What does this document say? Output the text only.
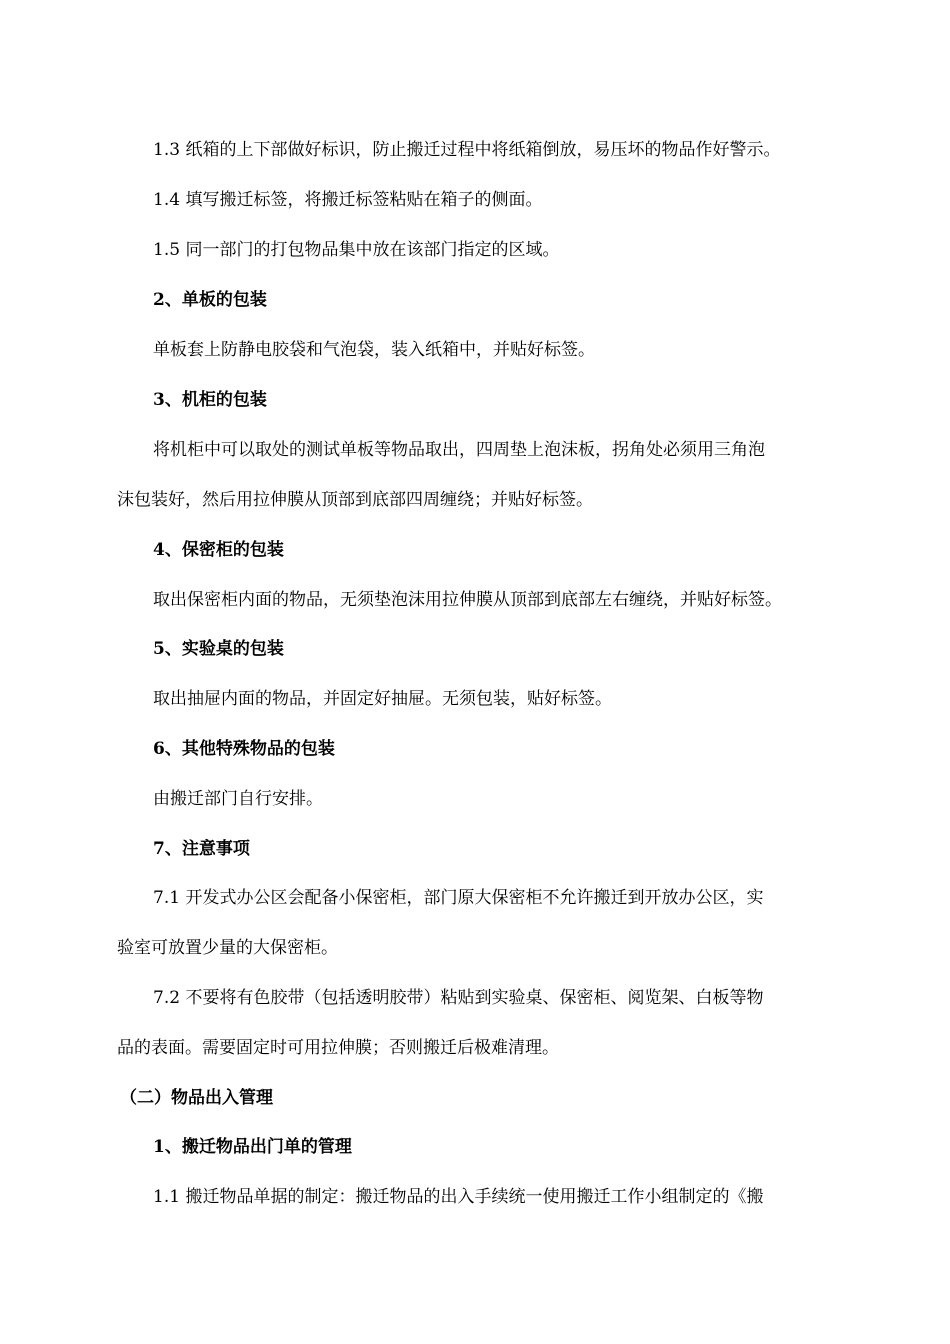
1.3 纸箱的上下部做好标识，防止搬迁过程中将纸箱倒放，易压坏的物品作好警示。
1.4 填写搬迁标签，将搬迁标签粘贴在箱子的侧面。
1.5 同一部门的打包物品集中放在该部门指定的区域。
2、单板的包装
单板套上防静电胶袋和气泡袋，装入纸箱中，并贴好标签。
3、机柜的包装
将机柜中可以取处的测试单板等物品取出，四周垫上泡沫板，拐角处必须用三角泡
沫包装好，然后用拉伸膜从顶部到底部四周缠绕；并贴好标签。
4、保密柜的包装
取出保密柜内面的物品，无须垫泡沫用拉伸膜从顶部到底部左右缠绕，并贴好标签。
5、实验桌的包装
取出抽屉内面的物品，并固定好抽屉。无须包装，贴好标签。
6、其他特殊物品的包装
由搬迁部门自行安排。
7、注意事项
7.1 开发式办公区会配备小保密柜，部门原大保密柜不允许搬迁到开放办公区，实
验室可放置少量的大保密柜。
7.2 不要将有色胶带（包括透明胶带）粘贴到实验桌、保密柜、阅览架、白板等物
品的表面。需要固定时可用拉伸膜；否则搬迁后极难清理。
（二）物品出入管理
1、搬迁物品出门单的管理
1.1 搬迁物品单据的制定：搬迁物品的出入手续统一使用搬迁工作小组制定的《搬
